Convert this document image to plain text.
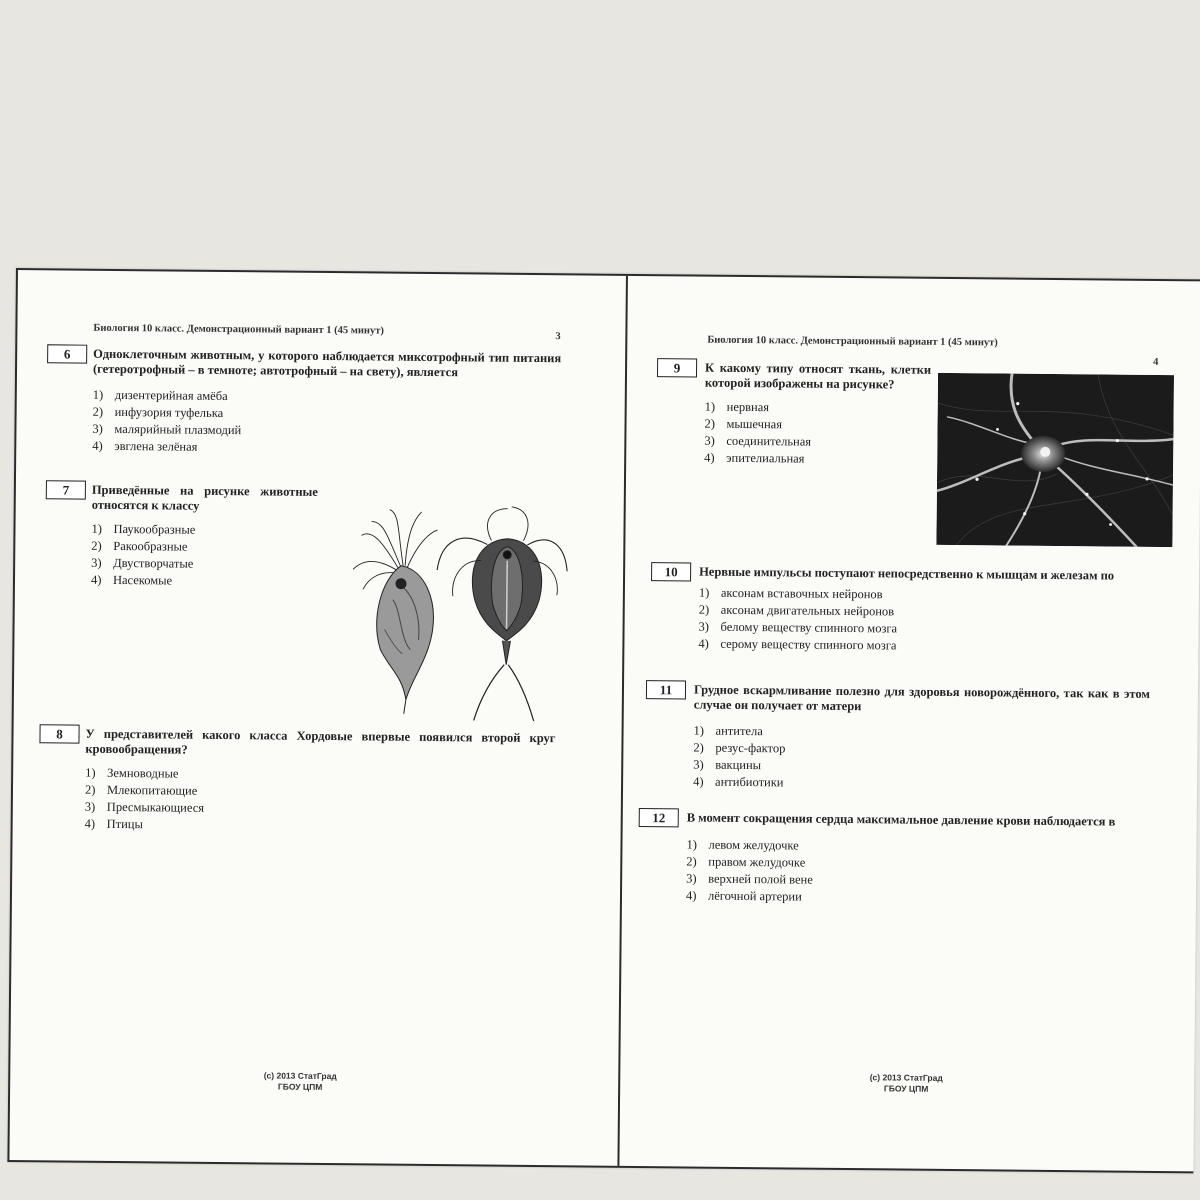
Биология 10 класс. Демонстрационный вариант 1 (45 минут)
3
6	Одноклеточным животным, у которого наблюдается миксотрофный тип питания (гетеротрофный – в темноте; автотрофный – на свету), является
1) дизентерийная амёба
2) инфузория туфелька
3) малярийный плазмодий
4) эвглена зелёная
7	Приведённые на рисунке животные относятся к классу
1) Паукообразные
2) Ракообразные
3) Двустворчатые
4) Насекомые
8	У представителей какого класса Хордовые впервые появился второй круг кровообращения?
1) Земноводные
2) Млекопитающие
3) Пресмыкающиеся
4) Птицы
(c) 2013 СтатГрад
ГБОУ ЦПМ
Биология 10 класс. Демонстрационный вариант 1 (45 минут)
4
9	К какому типу относят ткань, клетки которой изображены на рисунке?
1) нервная
2) мышечная
3) соединительная
4) эпителиальная
10	Нервные импульсы поступают непосредственно к мышцам и железам по
1) аксонам вставочных нейронов
2) аксонам двигательных нейронов
3) белому веществу спинного мозга
4) серому веществу спинного мозга
11	Грудное вскармливание полезно для здоровья новорождённого, так как в этом случае он получает от матери
1) антитела
2) резус-фактор
3) вакцины
4) антибиотики
12	В момент сокращения сердца максимальное давление крови наблюдается в
1) левом желудочке
2) правом желудочке
3) верхней полой вене
4) лёгочной артерии
(c) 2013 СтатГрад
ГБОУ ЦПМ
